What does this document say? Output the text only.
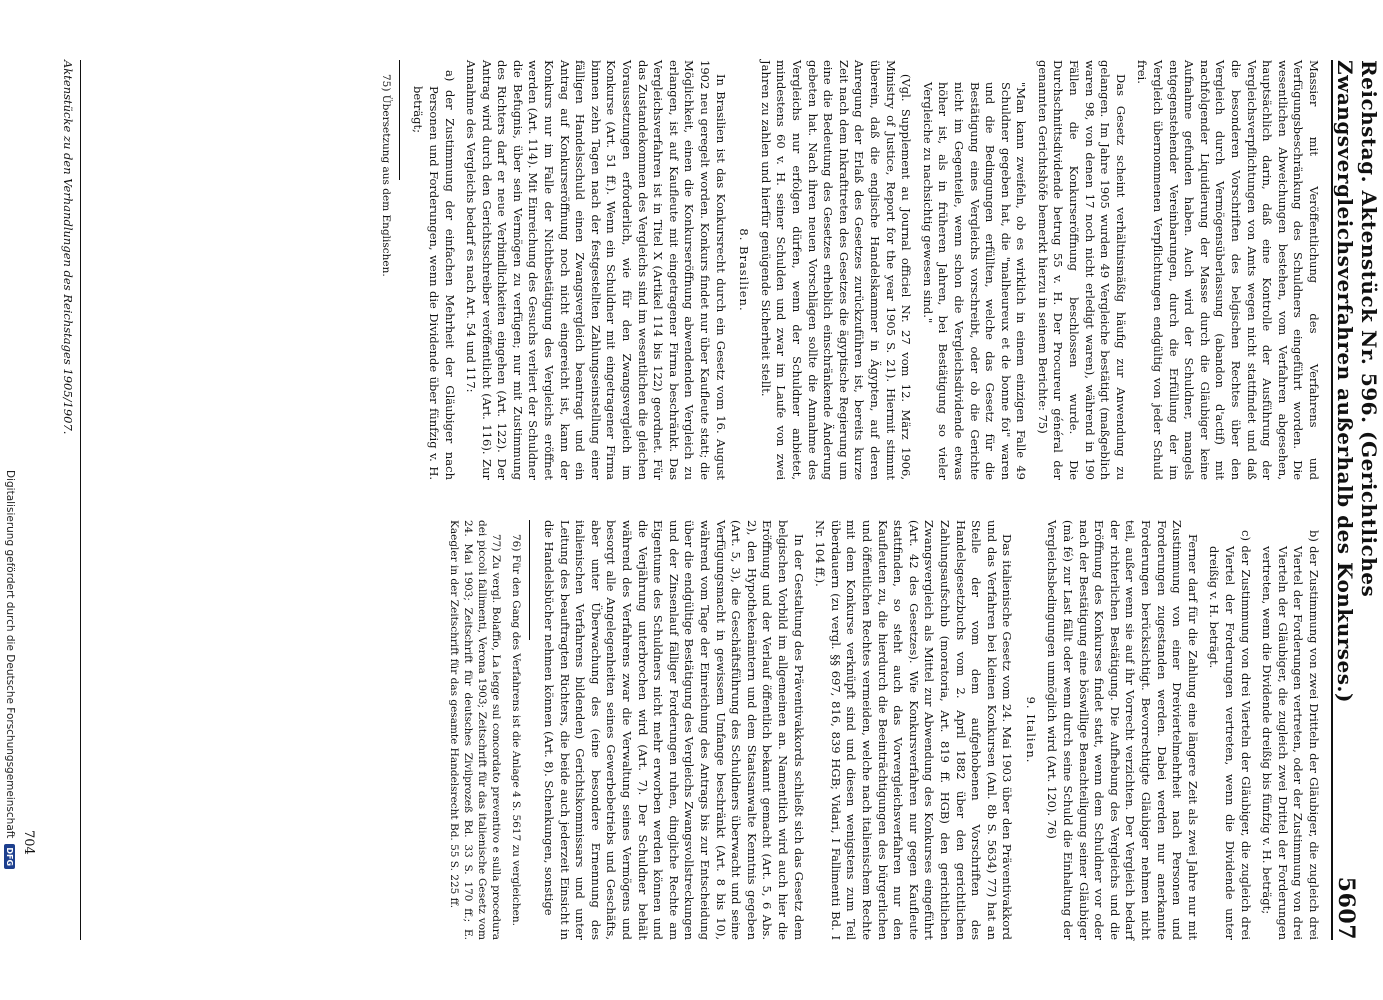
Reichstag. Aktenstück Nr. 596. (Gerichtliches Zwangsvergleichsverfahren außerhalb des Konkurses.)
5607

Massier mit Veröffentlichung des Verfahrens und Verfügungsbeschränkung des Schuldners eingeführt worden. Die wesentlichen Abweichungen bestehen, vom Verfahren abgesehen, hauptsächlich darin, daß eine Kontrolle der Ausführung der Vergleichsverpflichtungen von Amts wegen nicht stattfindet und daß die besonderen Vorschriften des belgischen Rechtes über den Vergleich durch Vermögensüberlassung (abandon d'actif) mit nachfolgender Liquidierung der Masse durch die Gläubiger keine Aufnahme gefunden haben. Auch wird der Schuldner, mangels entgegenstehender Vereinbarungen, durch die Erfüllung der im Vergleich übernommenen Verpflichtungen endgültig von jeder Schuld frei.

Das Gesetz scheint verhältnismäßig häufig zur Anwendung zu gelangen. Im Jahre 1905 wurden 49 Vergleiche bestätigt (maßgeblich waren 98, von denen 17 noch nicht erledigt waren), während in 190 Fällen die Konkurseröffnung beschlossen wurde. Die Durchschnittsdividende betrug 55 v. H. Der Procureur général der genannten Gerichtshöfe bemerkt hierzu in seinem Berichte: 75)

"Man kann zweifeln, ob es wirklich in einem einzigen Falle 49 Schuldner gegeben hat, die "malheureux et de bonne foi" waren und die Bedingungen erfüllten, welche das Gesetz für die Bestätigung eines Vergleichs vorschreibt, oder ob die Gerichte nicht im Gegenteile, wenn schon die Vergleichsdividende etwas höher ist, als in früheren Jahren, bei Bestätigung so vieler Vergleiche zu nachsichtig gewesen sind."

(Vgl. Supplement au Journal officiel Nr. 27 vom 12. März 1906, Ministry of Justice, Report for the year 1905 S. 21). Hiermit stimmt überein, daß die englische Handelskammer in Ägypten, auf deren Anregung der Erlaß des Gesetzes zurückzuführen ist, bereits kurze Zeit nach dem Inkrafttreten des Gesetzes die ägyptische Regierung um eine die Bedeutung des Gesetzes erheblich einschränkende Änderung gebeten hat. Nach ihren neuen Vorschlägen sollte die Annahme des Vergleichs nur erfolgen dürfen, wenn der Schuldner anbietet, mindestens 60 v. H. seiner Schulden und zwar im Laufe von zwei Jahren zu zahlen und hierfür genügende Sicherheit stellt.

8. Brasilien.

In Brasilien ist das Konkursrecht durch ein Gesetz vom 16. August 1902 neu geregelt worden. Konkurs findet nur über Kaufleute statt; die Möglichkeit, einen die Konkurseröffnung abwendenden Vergleich zu erlangen, ist auf Kaufleute mit eingetragener Firma beschränkt. Das Vergleichsverfahren ist in Titel X (Artikel 114 bis 122) geordnet. Für das Zustandekommen des Vergleichs sind im wesentlichen die gleichen Voraussetzungen erforderlich, wie für den Zwangsvergleich im Konkurse (Art. 51 ff.). Wenn ein Schuldner mit eingetragener Firma binnen zehn Tagen nach der festgestellten Zahlungseinstellung einer fälligen Handelsschuld einen Zwangsvergleich beantragt und ein Antrag auf Konkurseröffnung noch nicht eingereicht ist, kann der Konkurs nur im Falle der Nichtbestätigung des Vergleichs eröffnet werden (Art. 114). Mit Einreichung des Gesuchs verliert der Schuldner die Befugnis, über sein Vermögen zu verfügen; nur mit Zustimmung des Richters darf er neue Verbindlichkeiten eingehen (Art. 122). Der Antrag wird durch den Gerichtsschreiber veröffentlicht (Art. 116). Zur Annahme des Vergleichs bedarf es nach Art. 54 und 117:

a) der Zustimmung der einfachen Mehrheit der Gläubiger nach Personen und Forderungen, wenn die Dividende über fünfzig v. H. beträgt;

75) Übersetzung aus dem Englischen.

b) der Zustimmung von zwei Dritteln der Gläubiger, die zugleich drei Viertel der Forderungen vertreten, oder der Zustimmung von drei Vierteln der Gläubiger, die zugleich zwei Drittel der Forderungen vertreten, wenn die Dividende dreißig bis fünfzig v. H. beträgt;

c) der Zustimmung von drei Vierteln der Gläubiger, die zugleich drei Viertel der Forderungen vertreten, wenn die Dividende unter dreißig v. H. beträgt.

Ferner darf für die Zahlung eine längere Zeit als zwei Jahre nur mit Zustimmung von einer Dreiviertelmehrheit nach Personen und Forderungen zugestanden werden. Dabei werden nur anerkannte Forderungen berücksichtigt. Bevorrechtigte Gläubiger nehmen nicht teil, außer wenn sie auf ihr Vorrecht verzichten. Der Vergleich bedarf der richterlichen Bestätigung. Die Aufhebung des Vergleichs und die Eröffnung des Konkurses findet statt, wenn dem Schuldner vor oder nach der Bestätigung eine böswillige Benachteiligung seiner Gläubiger (mà fé) zur Last fällt oder wenn durch seine Schuld die Einhaltung der Vergleichsbedingungen unmöglich wird (Art. 120). 76)

9. Italien.

Das italienische Gesetz vom 24. Mai 1903 über den Präventivakkord und das Verfahren bei kleinen Konkursen (Anl. 8b S. 5634) 77) hat an Stelle der vom dem aufgehobenen Vorschriften des Handelsgesetzbuchs vom 2. April 1882 über den gerichtlichen Zahlungsaufschub (moratoria, Art. 819 ff. HGB) den gerichtlichen Zwangsvergleich als Mittel zur Abwendung des Konkurses eingeführt (Art. 42 des Gesetzes). Wie Konkursverfahren nur gegen Kaufleute stattfinden, so steht auch das Vorvergleichsverfahren nur den Kaufleuten zu, die hierdurch die Beeinträchtigungen des bürgerlichen und öffentlichen Rechtes vermeiden, welche nach italienischem Rechte mit dem Konkurse verknüpft sind und diesen wenigstens zum Teil überdauern (zu vergl. §§ 697, 816, 839 HGB; Vidari, I Fallimenti Bd. I Nr. 104 ff.).

In der Gestaltung des Präventivakkords schließt sich das Gesetz dem belgischen Vorbild im allgemeinen an. Namentlich wird auch hier die Eröffnung und der Verlauf öffentlich bekannt gemacht (Art. 5, 6 Abs. 2), den Hypothekenämtern und dem Staatsanwalte Kenntnis gegeben (Art. 5, 3), die Geschäftsführung des Schuldners überwacht und seine Verfügungsmacht in gewissem Umfange beschränkt (Art. 8 bis 10), während vom Tage der Einreichung des Antrags bis zur Entscheidung über die endgültige Bestätigung des Vergleichs Zwangsvollstreckungen und der Zinsenlauf fälliger Forderungen ruhen, dingliche Rechte am Eigentume des Schuldners nicht mehr erworben werden können und die Verjährung unterbrochen wird (Art. 7). Der Schuldner behält während des Verfahrens zwar die Verwaltung seines Vermögens und besorgt alle Angelegenheiten seines Gewerbebetriebs und Geschäfts, aber unter Überwachung des (eine besondere Ernennung des italienischen Verfahrens bildenden) Gerichtskommissars und unter Leitung des beauftragten Richters, die beide auch jederzeit Einsicht in die Handelsbücher nehmen können (Art. 8). Schenkungen, sonstige

76) Für den Gang des Verfahrens ist die Anlage 4 S. 5617 zu vergleichen.

77) Zu vergl. Bolaffio, La legge sul concordato preventivo e sulla procedura dei piccoli fallimenti, Verona 1903; Zeitschrift für das italienische Gesetz vom 24. Mai 1903; Zeitschrift für deutsches Zivilprozeß Bd. 33 S. 170 ff.; E. Kaegler in der Zeitschrift für das gesamte Handelsrecht Bd. 55 S. 225 ff.

Aktenstücke zu den Verhandlungen des Reichstages 1905/1907.
704
Digitalisierung gefördert durch die Deutsche Forschungsgemeinschaft
DFG
